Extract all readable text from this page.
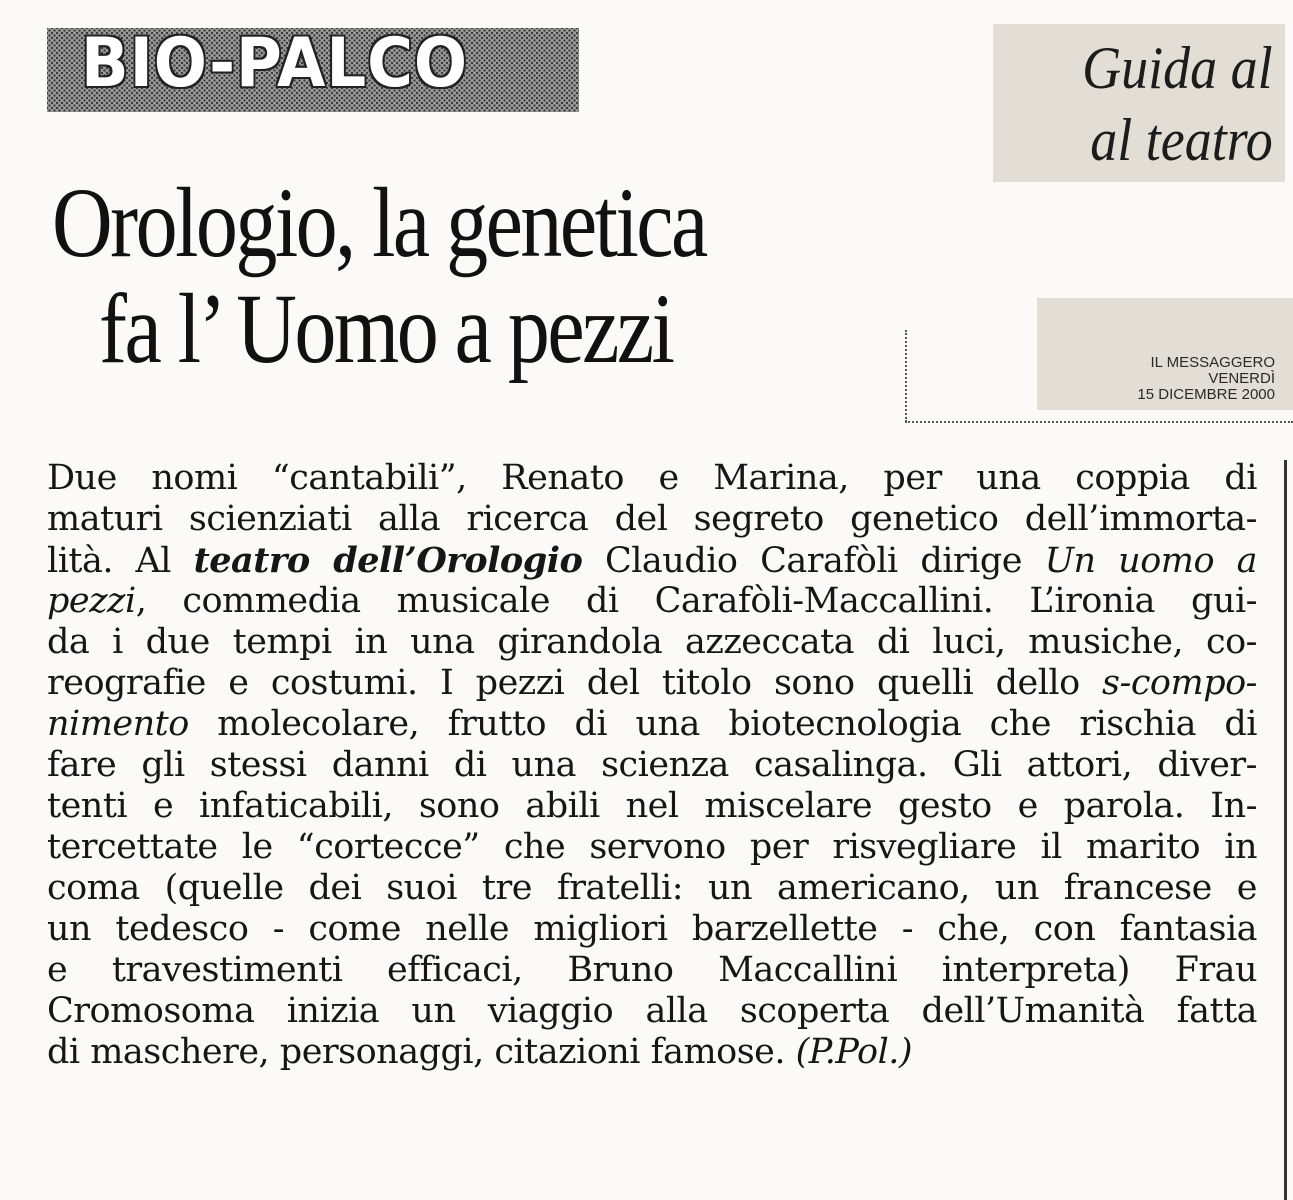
BIO-PALCO	Guida al
al teatro
Orologio, la genetica
fa l’ Uomo a pezzi	IL MESSAGGERO
VENERDÌ
15 DICEMBRE 2000
Due nomi “cantabili”, Renato e Marina, per una coppia di
maturi scienziati alla ricerca del segreto genetico dell’immorta-
lità. Al teatro dell’Orologio Claudio Carafòli dirige Un uomo a
pezzi, commedia musicale di Carafòli-Maccallini. L’ironia gui-
da i due tempi in una girandola azzeccata di luci, musiche, co-
reografie e costumi. I pezzi del titolo sono quelli dello s-compo-
nimento molecolare, frutto di una biotecnologia che rischia di
fare gli stessi danni di una scienza casalinga. Gli attori, diver-
tenti e infaticabili, sono abili nel miscelare gesto e parola. In-
tercettate le “cortecce” che servono per risvegliare il marito in
coma (quelle dei suoi tre fratelli: un americano, un francese e
un tedesco - come nelle migliori barzellette - che, con fantasia
e travestimenti efficaci, Bruno Maccallini interpreta) Frau
Cromosoma inizia un viaggio alla scoperta dell’Umanità fatta
di maschere, personaggi, citazioni famose. (P.Pol.)
